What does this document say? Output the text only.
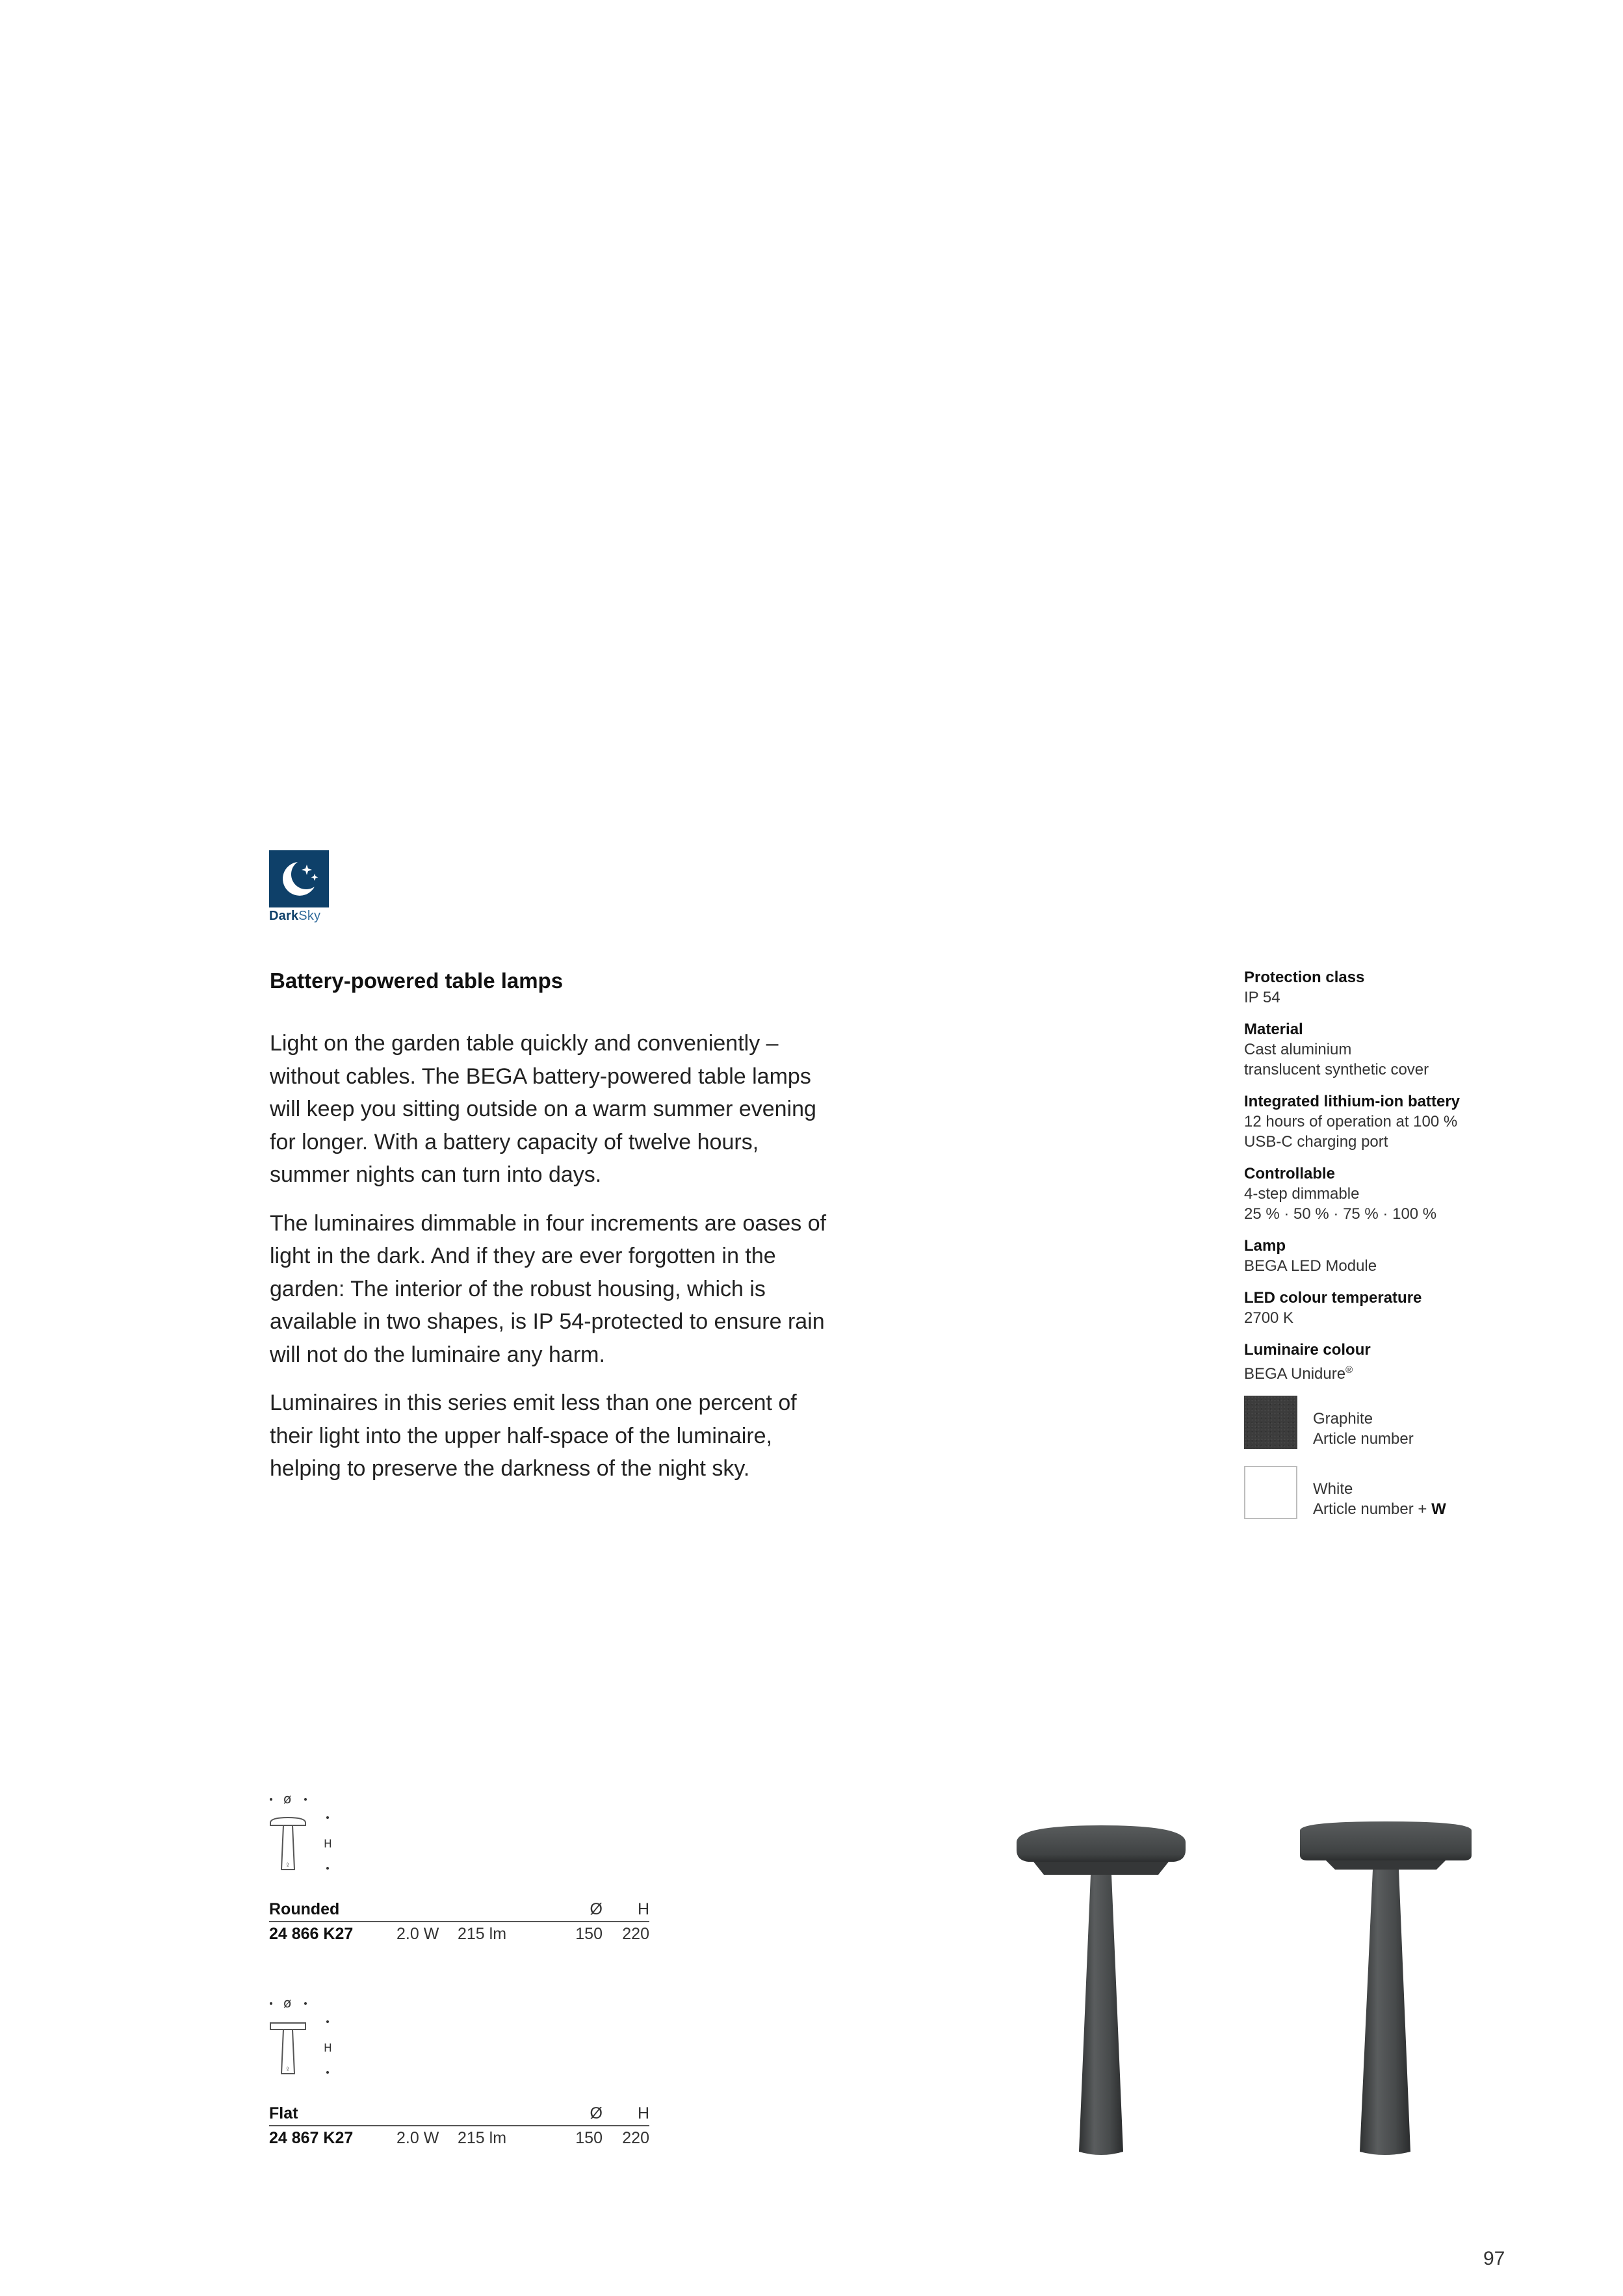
DarkSky
Battery-powered table lamps

Light on the garden table quickly and conveniently – without cables. The BEGA battery-powered table lamps will keep you sitting outside on a warm summer evening for longer. With a battery capacity of twelve hours, summer nights can turn into days.

The luminaires dimmable in four increments are oases of light in the dark. And if they are ever forgotten in the garden: The interior of the robust housing, which is available in two shapes, is IP 54-protected to ensure rain will not do the luminaire any harm.

Luminaires in this series emit less than one percent of their light into the upper half-space of the luminaire, helping to preserve the darkness of the night sky.

Protection class
IP 54
Material
Cast aluminium
translucent synthetic cover
Integrated lithium-ion battery
12 hours of operation at 100 %
USB-C charging port
Controllable
4-step dimmable
25 % · 50 % · 75 % · 100 %
Lamp
BEGA LED Module
LED colour temperature
2700 K
Luminaire colour
BEGA Unidure®
Graphite
Article number
White
Article number + W
ø
⇪
H
Rounded	Ø H
24 866 K27	2.0 W 215 lm	150 220
ø
⇪
H
Flat	Ø H
24 867 K27	2.0 W 215 lm	150 220
97
